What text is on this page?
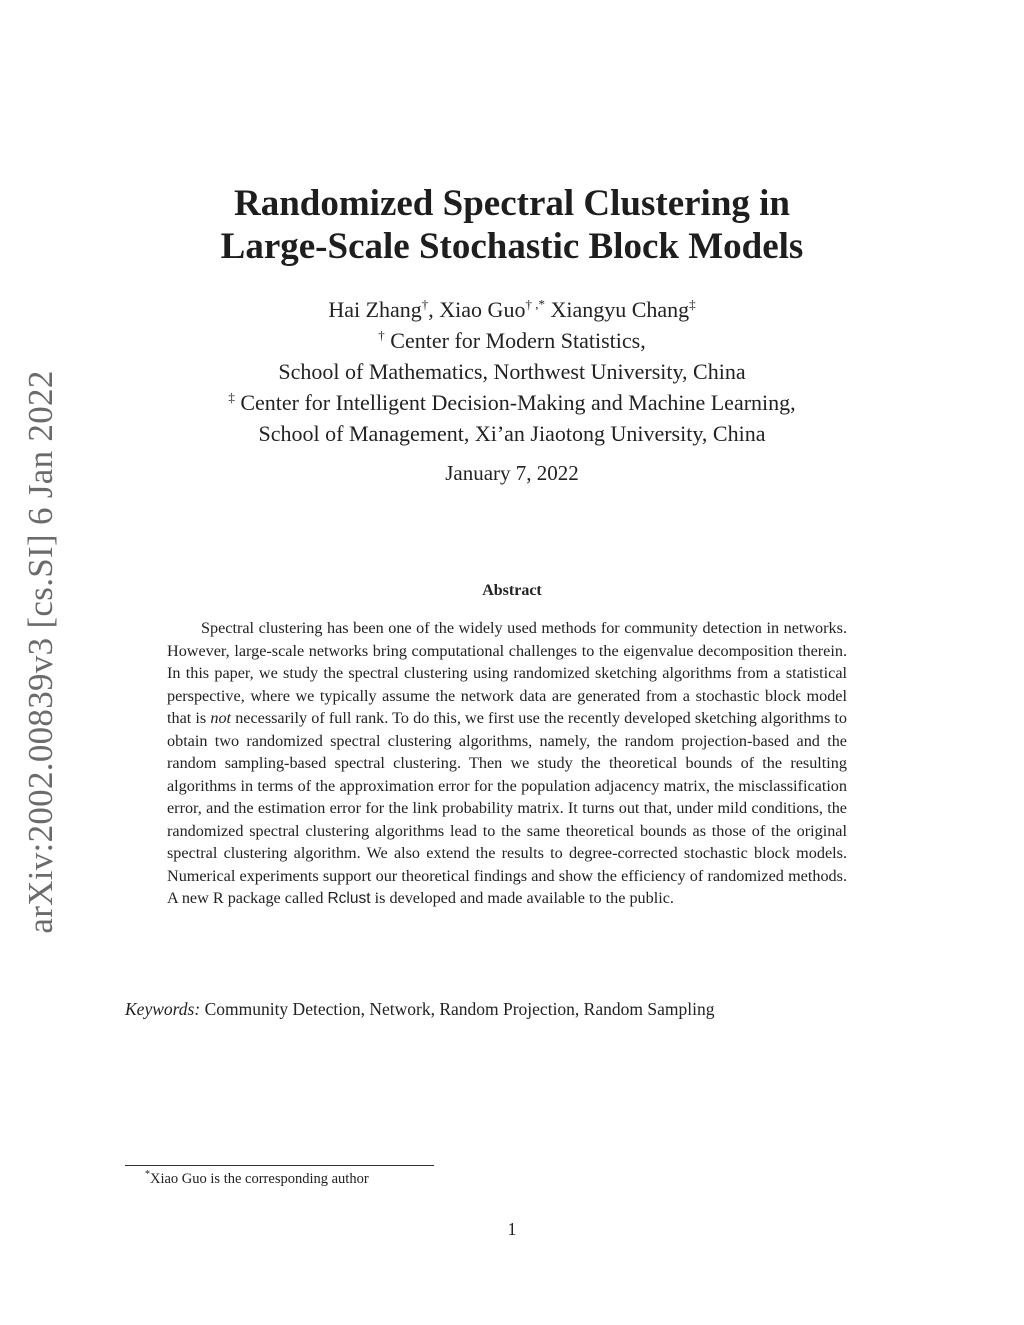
arXiv:2002.00839v3 [cs.SI] 6 Jan 2022
Randomized Spectral Clustering in
Large-Scale Stochastic Block Models
Hai Zhang†, Xiao Guo† ,* Xiangyu Chang‡
† Center for Modern Statistics,
School of Mathematics, Northwest University, China
‡ Center for Intelligent Decision-Making and Machine Learning,
School of Management, Xi’an Jiaotong University, China
January 7, 2022
Abstract

Spectral clustering has been one of the widely used methods for community detection in networks. However, large-scale networks bring computational challenges to the eigenvalue decomposition therein. In this paper, we study the spectral clustering using randomized sketching algorithms from a statistical perspective, where we typically assume the network data are generated from a stochastic block model that is not necessarily of full rank. To do this, we first use the recently developed sketching algorithms to obtain two randomized spectral clustering algorithms, namely, the random projection-based and the random sampling-based spectral clustering. Then we study the theoretical bounds of the resulting algorithms in terms of the approximation error for the population adjacency matrix, the misclassification error, and the estimation error for the link probability matrix. It turns out that, under mild conditions, the randomized spectral clustering algorithms lead to the same theoretical bounds as those of the original spectral clustering algorithm. We also extend the results to degree-corrected stochastic block models. Numerical experiments support our theoretical findings and show the efficiency of randomized methods. A new R package called Rclust is developed and made available to the public.

Keywords: Community Detection, Network, Random Projection, Random Sampling
*Xiao Guo is the corresponding author
1
